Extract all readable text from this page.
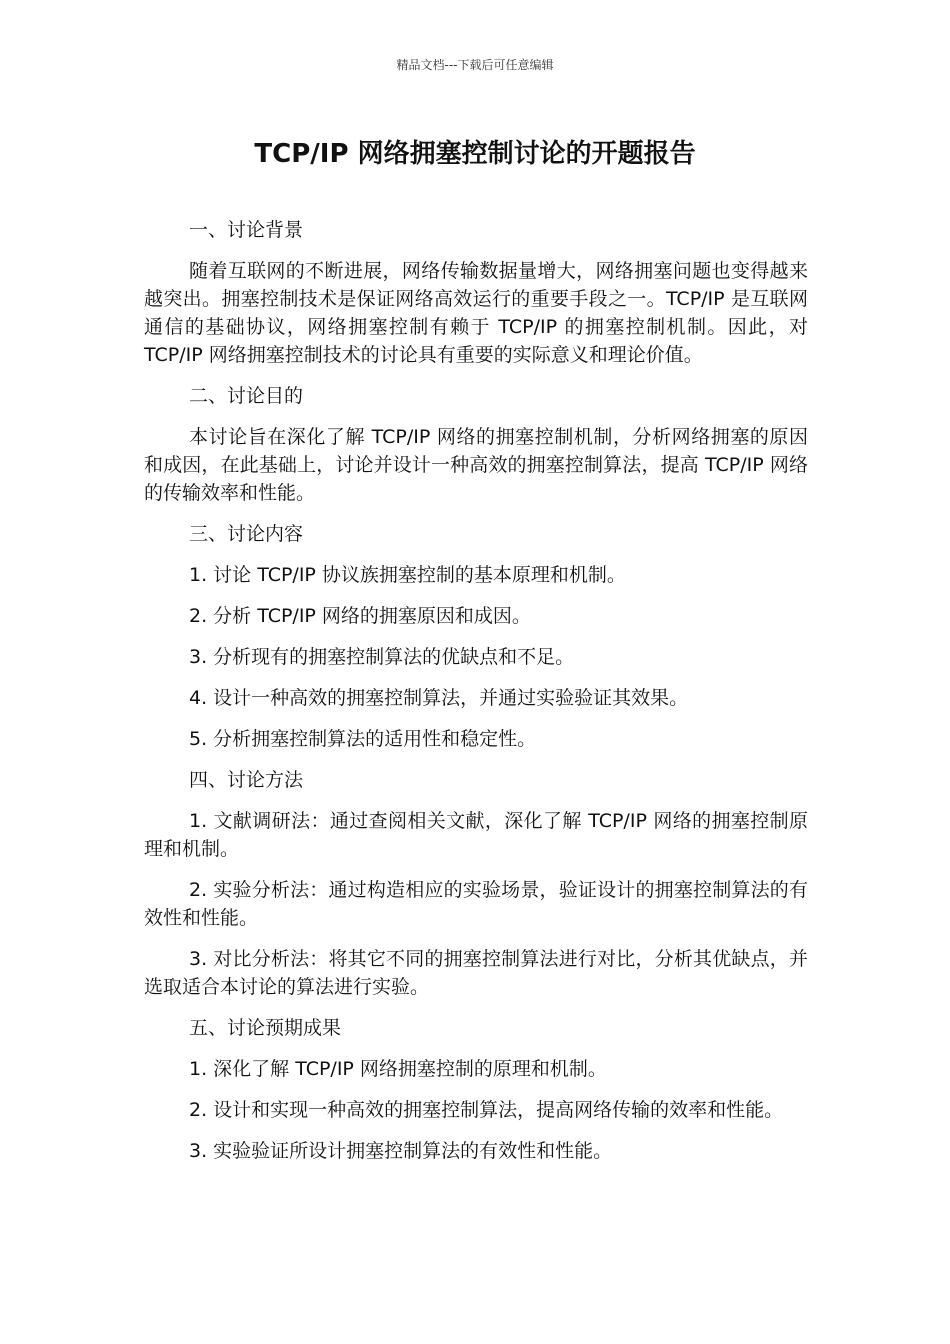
精品文档---下载后可任意编辑
TCP/IP 网络拥塞控制讨论的开题报告

一、讨论背景

随着互联网的不断进展，网络传输数据量增大，网络拥塞问题也变得越来越突出。拥塞控制技术是保证网络高效运行的重要手段之一。TCP/IP 是互联网通信的基础协议，网络拥塞控制有赖于 TCP/IP 的拥塞控制机制。因此，对 TCP/IP 网络拥塞控制技术的讨论具有重要的实际意义和理论价值。

二、讨论目的

本讨论旨在深化了解 TCP/IP 网络的拥塞控制机制，分析网络拥塞的原因和成因，在此基础上，讨论并设计一种高效的拥塞控制算法，提高 TCP/IP 网络的传输效率和性能。

三、讨论内容

1. 讨论 TCP/IP 协议族拥塞控制的基本原理和机制。

2. 分析 TCP/IP 网络的拥塞原因和成因。

3. 分析现有的拥塞控制算法的优缺点和不足。

4. 设计一种高效的拥塞控制算法，并通过实验验证其效果。

5. 分析拥塞控制算法的适用性和稳定性。

四、讨论方法

1. 文献调研法：通过查阅相关文献，深化了解 TCP/IP 网络的拥塞控制原理和机制。

2. 实验分析法：通过构造相应的实验场景，验证设计的拥塞控制算法的有效性和性能。

3. 对比分析法：将其它不同的拥塞控制算法进行对比，分析其优缺点，并选取适合本讨论的算法进行实验。

五、讨论预期成果

1. 深化了解 TCP/IP 网络拥塞控制的原理和机制。

2. 设计和实现一种高效的拥塞控制算法，提高网络传输的效率和性能。

3. 实验验证所设计拥塞控制算法的有效性和性能。
